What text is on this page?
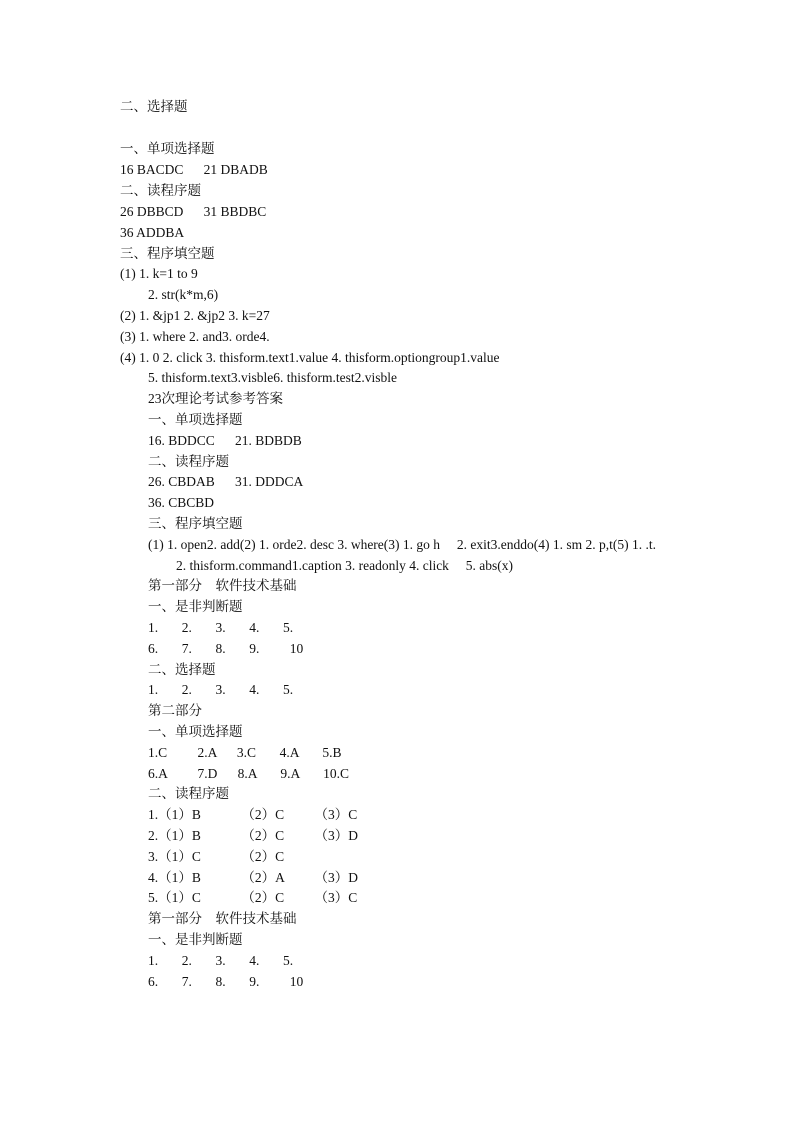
二、选择题
一、单项选择题
16 BACDC      21 DBADB
二、读程序题
26 DBBCD      31 BBDBC
36 ADDBA
三、程序填空题
(1) 1. k=1 to 9
2. str(k*m,6)
(2) 1. &jp1 2. &jp2 3. k=27
(3) 1. where 2. and3. orde4.
(4) 1. 0 2. click 3. thisform.text1.value 4. thisform.optiongroup1.value
5. thisform.text3.visble6. thisform.test2.visble
23次理论考试参考答案
一、单项选择题
16. BDDCC      21. BDBDB
二、读程序题
26. CBDAB      31. DDDCA
36. CBCBD
三、程序填空题
(1) 1. open2. add(2) 1. orde2. desc 3. where(3) 1. go h     2. exit3.enddo(4) 1. sm 2. p,t(5) 1. .t.
2. thisform.command1.caption 3. readonly 4. click     5. abs(x)
第一部分    软件技术基础
一、是非判断题
1.       2.       3.       4.       5.
6.       7.       8.       9.         10
二、选择题
1.       2.       3.       4.       5.
第二部分
一、单项选择题
1.C         2.A      3.C       4.A       5.B
6.A         7.D      8.A       9.A       10.C
二、读程序题
1.（1）B            （2）C         （3）C
2.（1）B            （2）C         （3）D
3.（1）C            （2）C
4.（1）B            （2）A         （3）D
5.（1）C            （2）C         （3）C
第一部分    软件技术基础
一、是非判断题
1.       2.       3.       4.       5.
6.       7.       8.       9.         10
